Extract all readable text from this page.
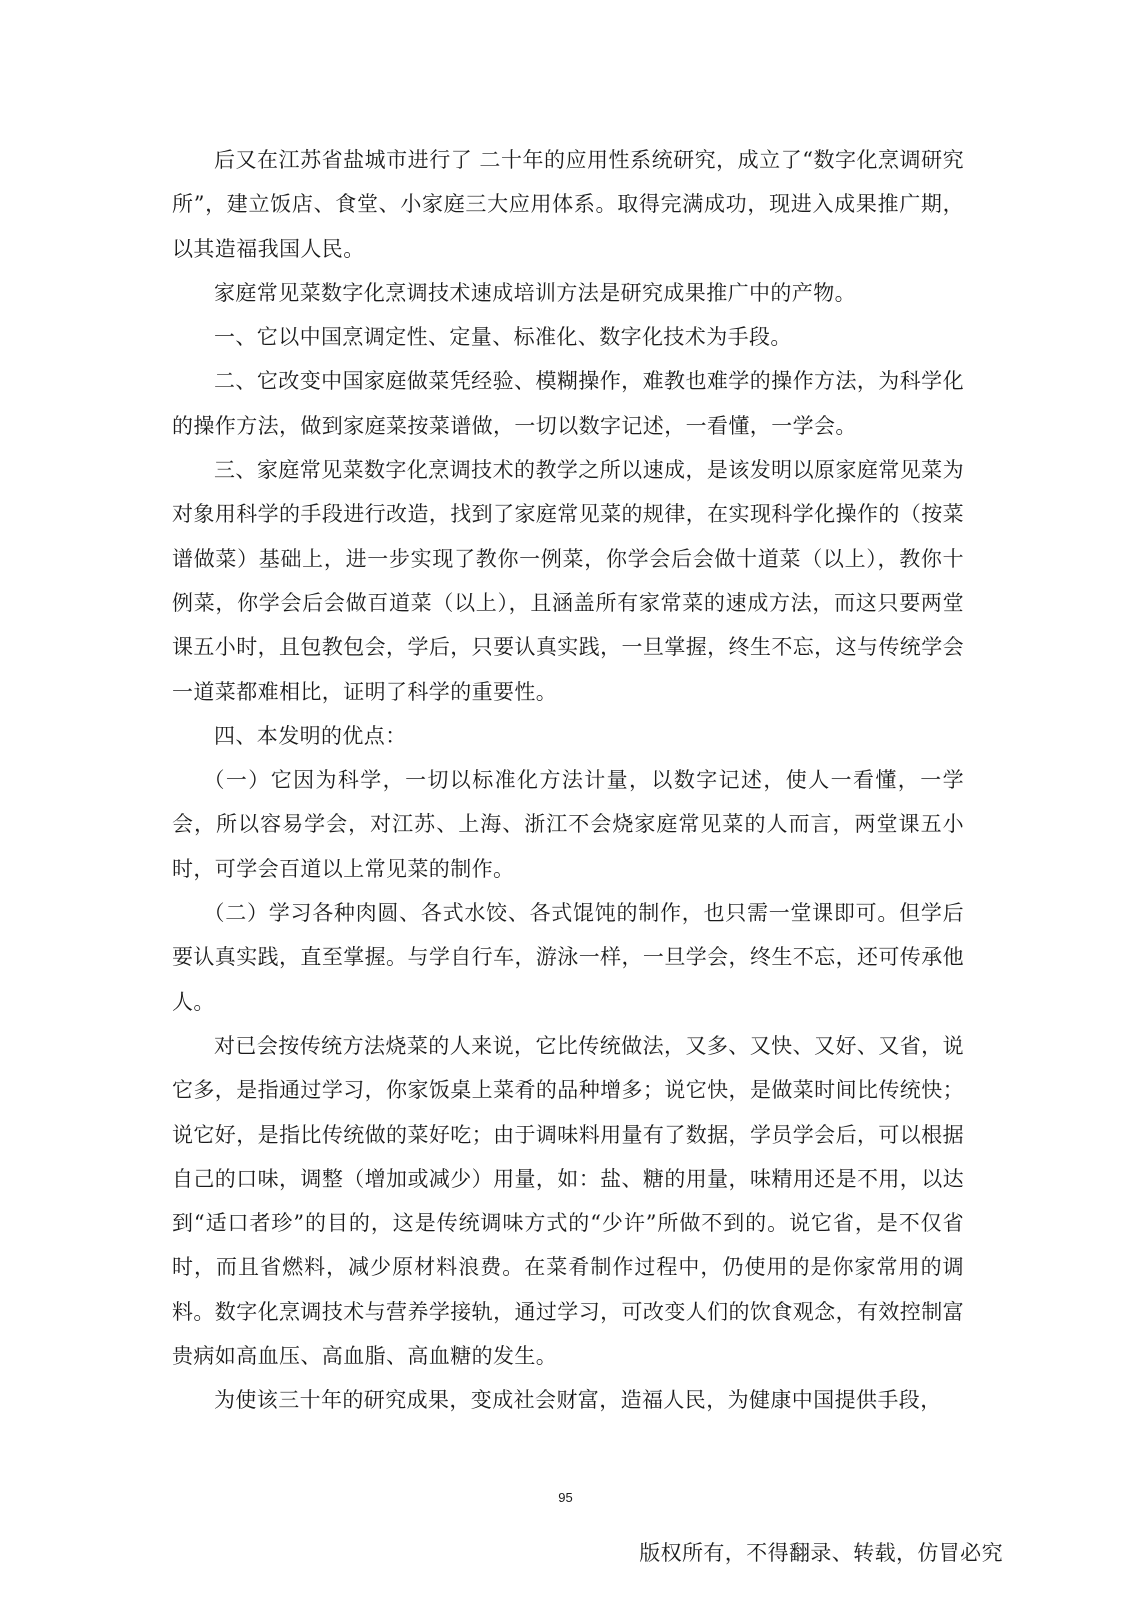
后又在江苏省盐城市进行了 二十年的应用性系统研究，成立了“数字化烹调研究所”，建立饭店、食堂、小家庭三大应用体系。取得完满成功，现进入成果推广期，以其造福我国人民。

家庭常见菜数字化烹调技术速成培训方法是研究成果推广中的产物。

一、它以中国烹调定性、定量、标准化、数字化技术为手段。

二、它改变中国家庭做菜凭经验、模糊操作，难教也难学的操作方法，为科学化的操作方法，做到家庭菜按菜谱做，一切以数字记述，一看懂，一学会。

三、家庭常见菜数字化烹调技术的教学之所以速成，是该发明以原家庭常见菜为对象用科学的手段进行改造，找到了家庭常见菜的规律，在实现科学化操作的（按菜谱做菜）基础上，进一步实现了教你一例菜，你学会后会做十道菜（以上），教你十例菜，你学会后会做百道菜（以上），且涵盖所有家常菜的速成方法，而这只要两堂课五小时，且包教包会，学后，只要认真实践，一旦掌握，终生不忘，这与传统学会一道菜都难相比，证明了科学的重要性。

四、本发明的优点：

（一）它因为科学，一切以标准化方法计量，以数字记述，使人一看懂，一学会，所以容易学会，对江苏、上海、浙江不会烧家庭常见菜的人而言，两堂课五小时，可学会百道以上常见菜的制作。

（二）学习各种肉圆、各式水饺、各式馄饨的制作，也只需一堂课即可。但学后要认真实践，直至掌握。与学自行车，游泳一样，一旦学会，终生不忘，还可传承他人。

对已会按传统方法烧菜的人来说，它比传统做法，又多、又快、又好、又省，说它多，是指通过学习，你家饭桌上菜肴的品种增多；说它快，是做菜时间比传统快；说它好，是指比传统做的菜好吃；由于调味料用量有了数据，学员学会后，可以根据自己的口味，调整（增加或减少）用量，如：盐、糖的用量，味精用还是不用，以达到“适口者珍”的目的，这是传统调味方式的“少许”所做不到的。说它省，是不仅省时，而且省燃料，减少原材料浪费。在菜肴制作过程中，仍使用的是你家常用的调料。数字化烹调技术与营养学接轨，通过学习，可改变人们的饮食观念，有效控制富贵病如高血压、高血脂、高血糖的发生。

为使该三十年的研究成果，变成社会财富，造福人民，为健康中国提供手段，

95
版权所有，不得翻录、转载，仿冒必究
